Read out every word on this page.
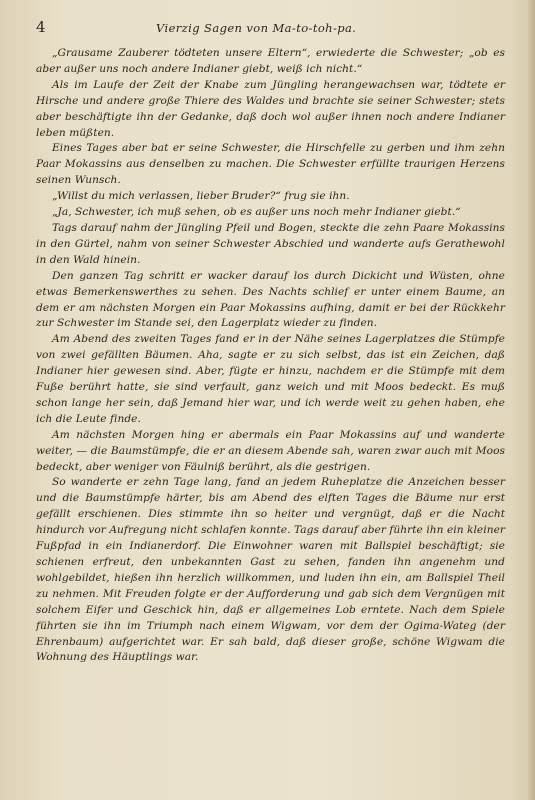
4	Vierzig Sagen von Ma-to-toh-pa.

„Grausame Zauberer tödteten unsere Eltern“, erwiederte die Schwester; „ob es aber außer uns noch andere Indianer giebt, weiß ich nicht.“

Als im Laufe der Zeit der Knabe zum Jüngling herangewachsen war, tödtete er Hirsche und andere große Thiere des Waldes und brachte sie seiner Schwester; stets aber beschäftigte ihn der Gedanke, daß doch wol außer ihnen noch andere Indianer leben müßten.

Eines Tages aber bat er seine Schwester, die Hirschfelle zu gerben und ihm zehn Paar Mokassins aus denselben zu machen. Die Schwester erfüllte traurigen Herzens seinen Wunsch.

„Willst du mich verlassen, lieber Bruder?“ frug sie ihn.

„Ja, Schwester, ich muß sehen, ob es außer uns noch mehr Indianer giebt.“

Tags darauf nahm der Jüngling Pfeil und Bogen, steckte die zehn Paare Mokassins in den Gürtel, nahm von seiner Schwester Abschied und wanderte aufs Gerathewohl in den Wald hinein.

Den ganzen Tag schritt er wacker darauf los durch Dickicht und Wüsten, ohne etwas Bemerkenswerthes zu sehen. Des Nachts schlief er unter einem Baume, an dem er am nächsten Morgen ein Paar Mokassins aufhing, damit er bei der Rückkehr zur Schwester im Stande sei, den Lagerplatz wieder zu finden.

Am Abend des zweiten Tages fand er in der Nähe seines Lagerplatzes die Stümpfe von zwei gefällten Bäumen. Aha, sagte er zu sich selbst, das ist ein Zeichen, daß Indianer hier gewesen sind. Aber, fügte er hinzu, nachdem er die Stümpfe mit dem Fuße berührt hatte, sie sind verfault, ganz weich und mit Moos bedeckt. Es muß schon lange her sein, daß Jemand hier war, und ich werde weit zu gehen haben, ehe ich die Leute finde.

Am nächsten Morgen hing er abermals ein Paar Mokassins auf und wanderte weiter, — die Baumstümpfe, die er an diesem Abende sah, waren zwar auch mit Moos bedeckt, aber weniger von Fäulniß berührt, als die gestrigen.

So wanderte er zehn Tage lang, fand an jedem Ruheplatze die Anzeichen besser und die Baumstümpfe härter, bis am Abend des elften Tages die Bäume nur erst gefällt erschienen. Dies stimmte ihn so heiter und vergnügt, daß er die Nacht hindurch vor Aufregung nicht schlafen konnte. Tags darauf aber führte ihn ein kleiner Fußpfad in ein Indianerdorf. Die Einwohner waren mit Ballspiel beschäftigt; sie schienen erfreut, den unbekannten Gast zu sehen, fanden ihn angenehm und wohlgebildet, hießen ihn herzlich willkommen, und luden ihn ein, am Ballspiel Theil zu nehmen. Mit Freuden folgte er der Aufforderung und gab sich dem Vergnügen mit solchem Eifer und Geschick hin, daß er allgemeines Lob erntete. Nach dem Spiele führten sie ihn im Triumph nach einem Wigwam, vor dem der Ogima-Wateg (der Ehrenbaum) aufgerichtet war. Er sah bald, daß dieser große, schöne Wigwam die Wohnung des Häuptlings war.
